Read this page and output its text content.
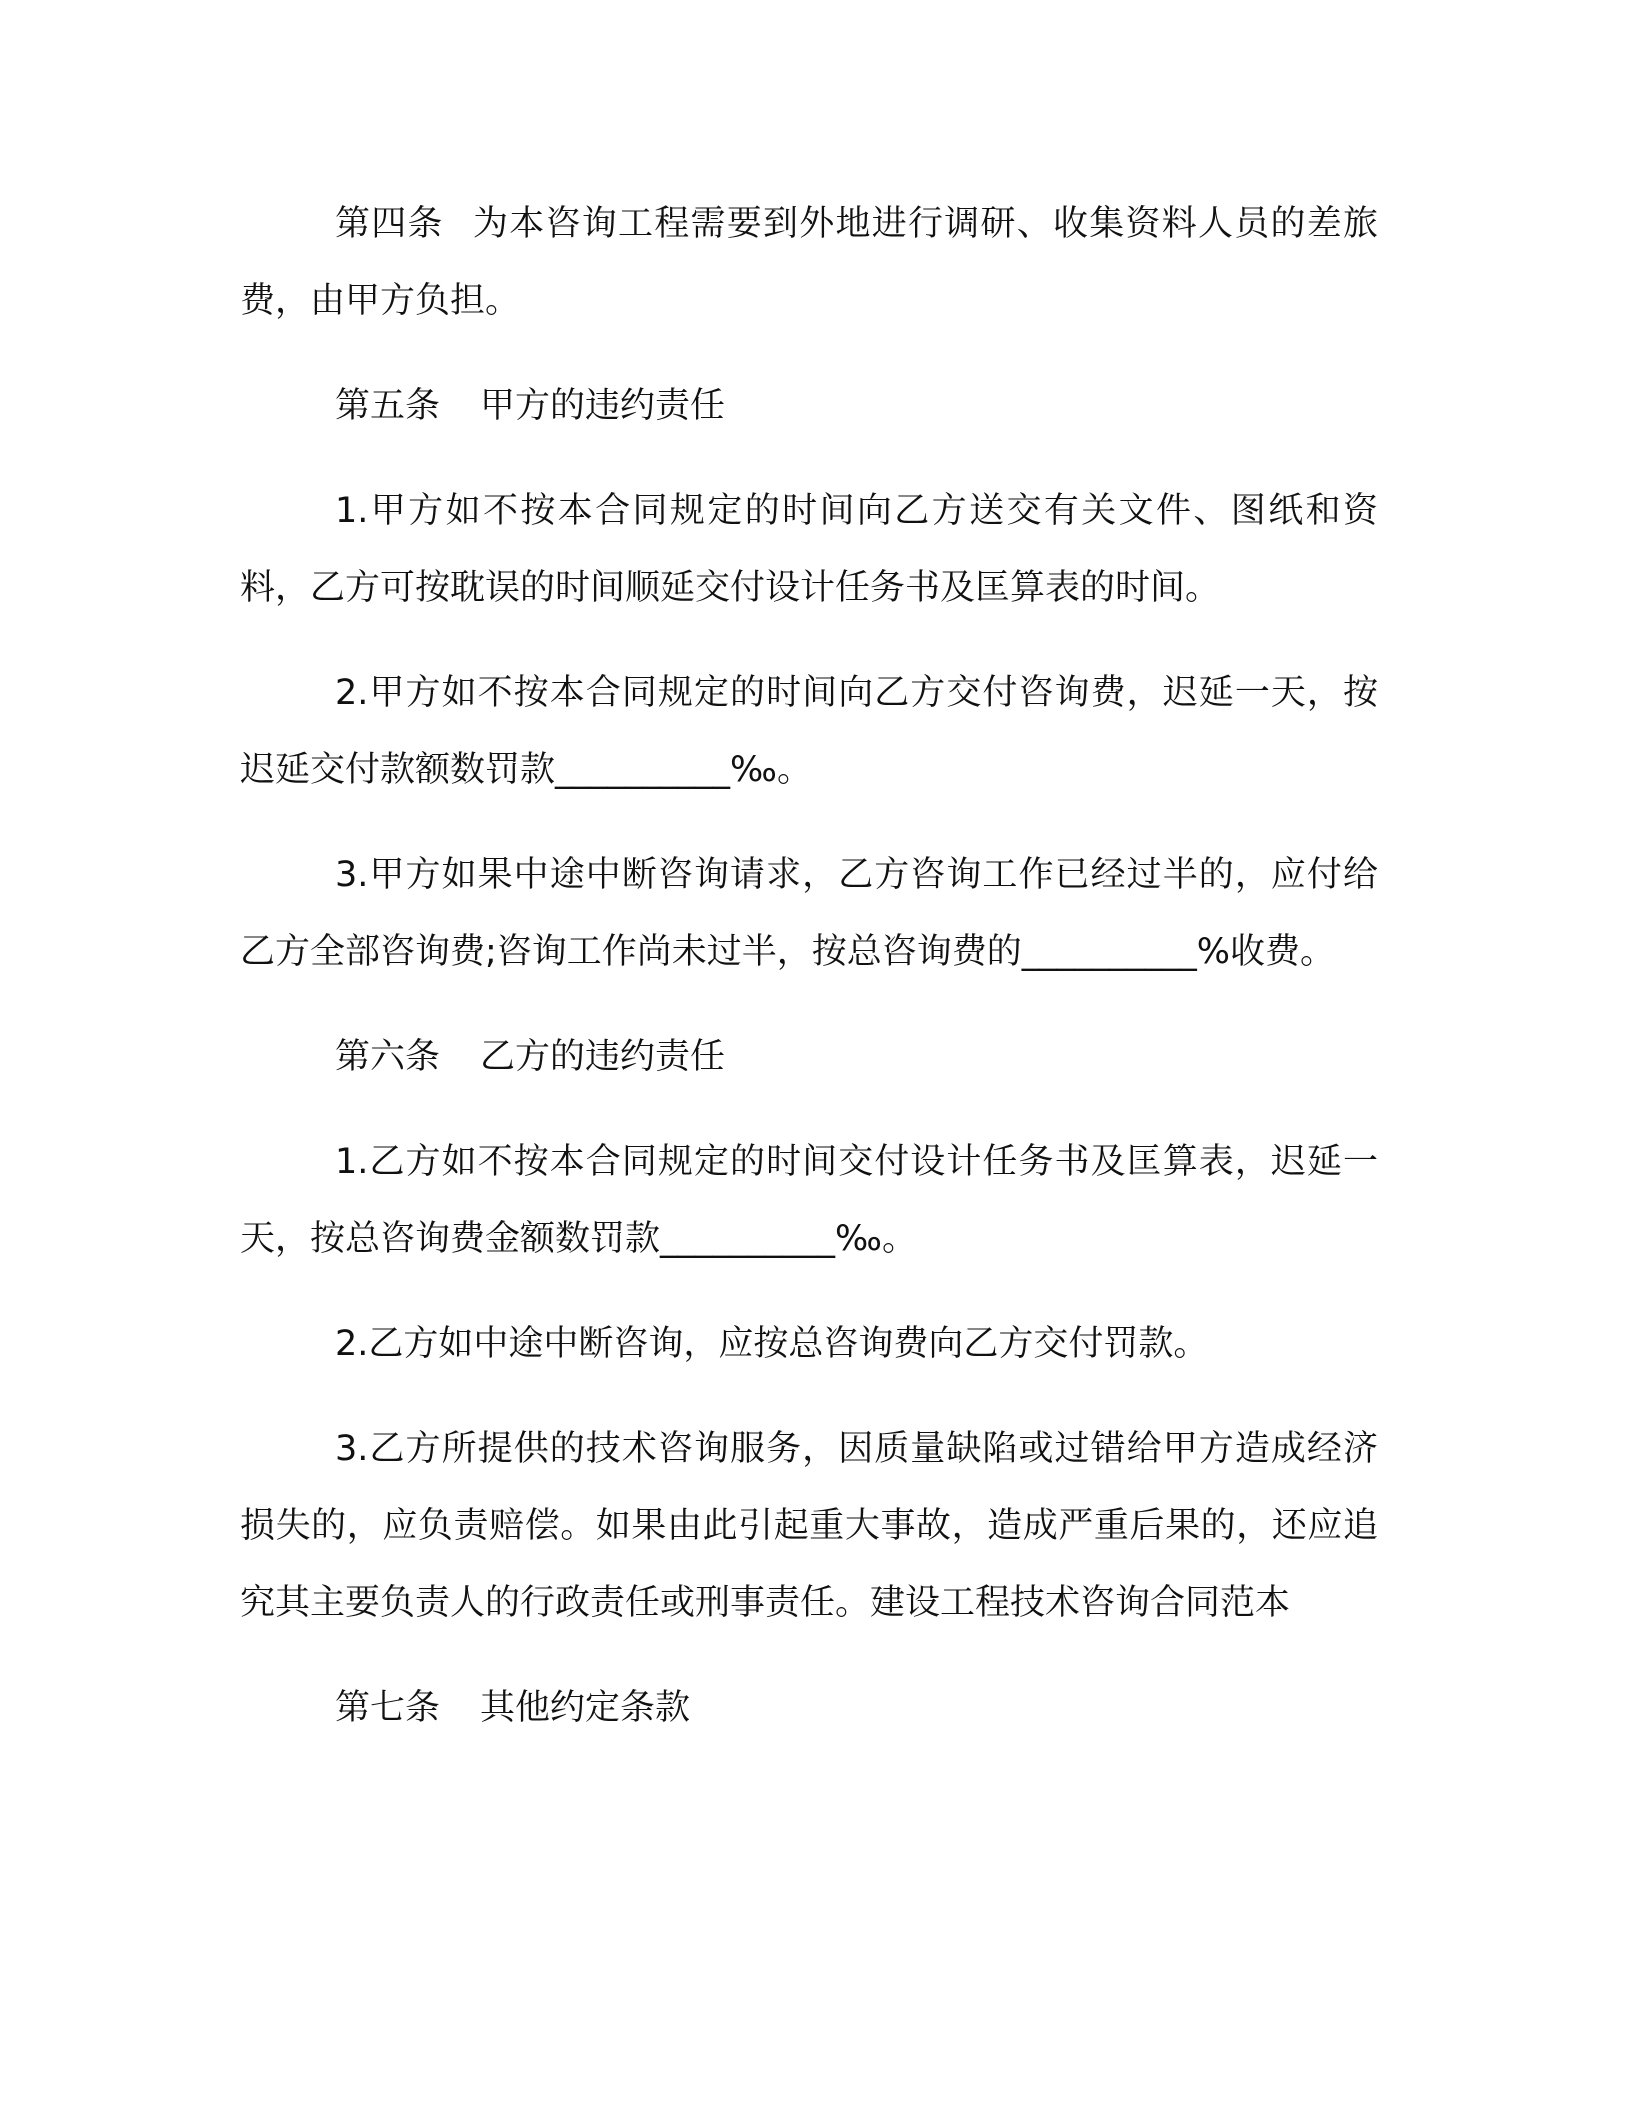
第四条 为本咨询工程需要到外地进行调研、收集资料人员的差旅费，由甲方负担。

第五条 甲方的违约责任

1.甲方如不按本合同规定的时间向乙方送交有关文件、图纸和资料，乙方可按耽误的时间顺延交付设计任务书及匡算表的时间。

2.甲方如不按本合同规定的时间向乙方交付咨询费，迟延一天，按迟延交付款额数罚款__________‰。

3.甲方如果中途中断咨询请求，乙方咨询工作已经过半的，应付给乙方全部咨询费;咨询工作尚未过半，按总咨询费的__________%收费。

第六条 乙方的违约责任

1.乙方如不按本合同规定的时间交付设计任务书及匡算表，迟延一天，按总咨询费金额数罚款__________‰。

2.乙方如中途中断咨询，应按总咨询费向乙方交付罚款。

3.乙方所提供的技术咨询服务，因质量缺陷或过错给甲方造成经济损失的，应负责赔偿。如果由此引起重大事故，造成严重后果的，还应追究其主要负责人的行政责任或刑事责任。建设工程技术咨询合同范本

第七条 其他约定条款
